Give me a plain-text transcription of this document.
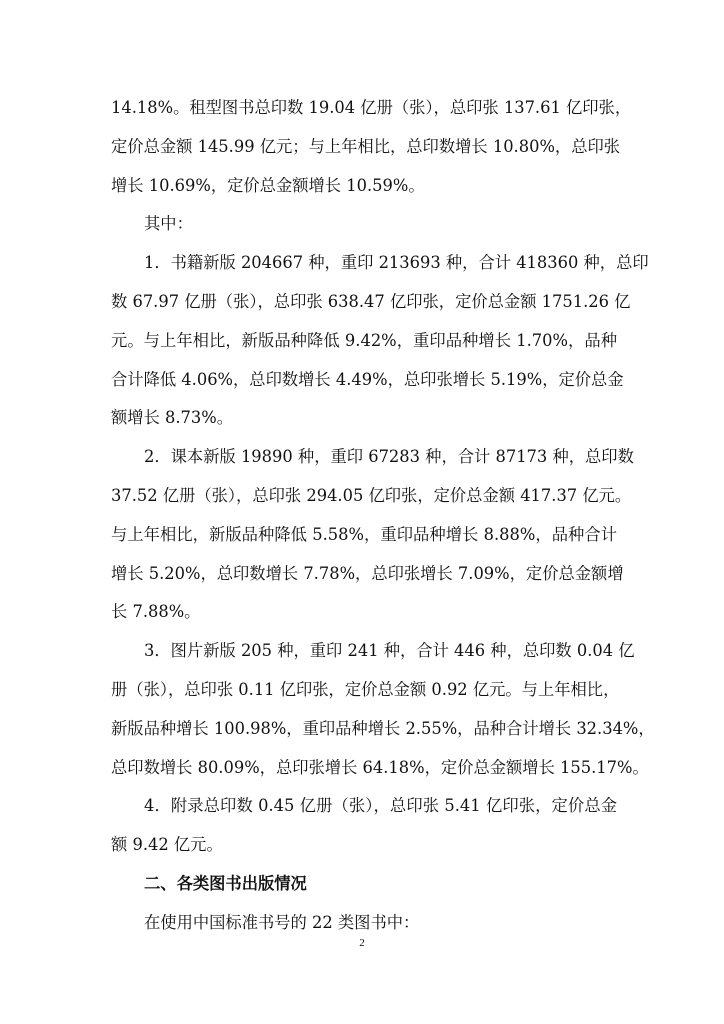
14.18%。租型图书总印数 19.04 亿册（张），总印张 137.61 亿印张，
定价总金额 145.99 亿元；与上年相比，总印数增长 10.80%，总印张
增长 10.69%，定价总金额增长 10.59%。
其中：
1．书籍新版 204667 种，重印 213693 种，合计 418360 种，总印
数 67.97 亿册（张），总印张 638.47 亿印张，定价总金额 1751.26 亿
元。与上年相比，新版品种降低 9.42%，重印品种增长 1.70%，品种
合计降低 4.06%，总印数增长 4.49%，总印张增长 5.19%，定价总金
额增长 8.73%。
2．课本新版 19890 种，重印 67283 种，合计 87173 种，总印数
37.52 亿册（张），总印张 294.05 亿印张，定价总金额 417.37 亿元。
与上年相比，新版品种降低 5.58%，重印品种增长 8.88%，品种合计
增长 5.20%，总印数增长 7.78%，总印张增长 7.09%，定价总金额增
长 7.88%。
3．图片新版 205 种，重印 241 种，合计 446 种，总印数 0.04 亿
册（张），总印张 0.11 亿印张，定价总金额 0.92 亿元。与上年相比，
新版品种增长 100.98%，重印品种增长 2.55%，品种合计增长 32.34%，
总印数增长 80.09%，总印张增长 64.18%，定价总金额增长 155.17%。
4．附录总印数 0.45 亿册（张），总印张 5.41 亿印张，定价总金
额 9.42 亿元。
二、各类图书出版情况
在使用中国标准书号的 22 类图书中：
2
